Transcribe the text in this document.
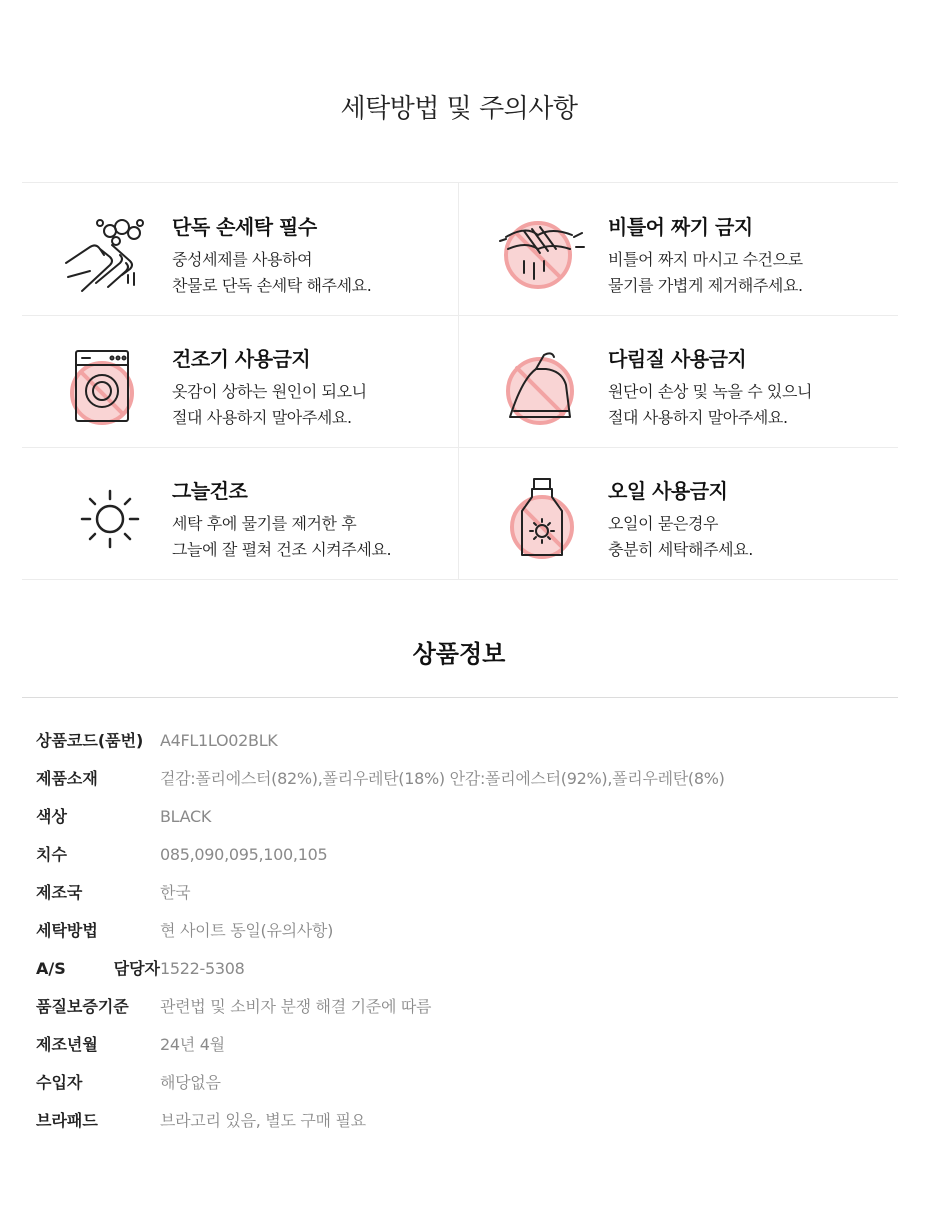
세탁방법 및 주의사항
단독 손세탁 필수
중성세제를 사용하여
찬물로 단독 손세탁 해주세요.
비틀어 짜기 금지
비틀어 짜지 마시고 수건으로
물기를 가볍게 제거해주세요.
건조기 사용금지
옷감이 상하는 원인이 되오니
절대 사용하지 말아주세요.
다림질 사용금지
원단이 손상 및 녹을 수 있으니
절대 사용하지 말아주세요.
그늘건조
세탁 후에 물기를 제거한 후
그늘에 잘 펼쳐 건조 시켜주세요.
오일 사용금지
오일이 묻은경우
충분히 세탁해주세요.
상품정보
상품코드(품번)	A4FL1LO02BLK
제품소재	겉감:폴리에스터(82%),폴리우레탄(18%) 안감:폴리에스터(92%),폴리우레탄(8%)
색상	BLACK
치수	085,090,095,100,105
제조국	한국
세탁방법	현 사이트 동일(유의사항)
A/S 담당자 1522-5308
품질보증기준	관련법 및 소비자 분쟁 해결 기준에 따름
제조년월	24년 4월
수입자	해당없음
브라패드	브라고리 있음, 별도 구매 필요
